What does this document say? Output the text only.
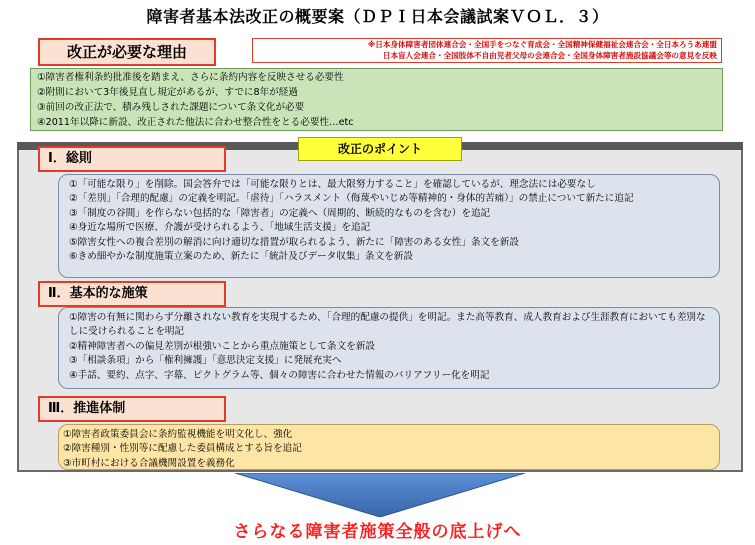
障害者基本法改正の概要案（ＤＰＩ日本会議試案ＶＯＬ．３）
改正が必要な理由	※日本身体障害者団体連合会・全国手をつなぐ育成会・全国精神保健福祉会連合会・全日本ろうあ連盟
日本盲人会連合・全国肢体不自由児者父母の会連合会・全国身体障害者施設協議会等の意見を反映
①障害者権利条約批准後を踏まえ、さらに条約内容を反映させる必要性
②附則において3年後見直し規定があるが、すでに8年が経過
③前回の改正法で、積み残しされた課題について条文化が必要
④2011年以降に新設、改正された他法に合わせ整合性をとる必要性…etc
改正のポイント
Ⅰ．総則
①「可能な限り」を削除。国会答弁では「可能な限りとは、最大限努力すること」を確認しているが、理念法には必要なし
②「差別」「合理的配慮」の定義を明記。「虐待」「ハラスメント（侮蔑やいじめ等精神的・身体的苦痛）」の禁止について新たに追記
③「制度の谷間」を作らない包括的な「障害者」の定義へ（周期的、断続的なものを含む）を追記
④身近な場所で医療、介護が受けられるよう、「地域生活支援」を追記
⑤障害女性への複合差別の解消に向け適切な措置が取られるよう、新たに「障害のある女性」条文を新設
⑥きめ細やかな制度施策立案のため、新たに「統計及びデータ収集」条文を新設
Ⅱ．基本的な施策
①障害の有無に関わらず分離されない教育を実現するため、「合理的配慮の提供」を明記。また高等教育、成人教育および生涯教育においても差別なしに受けられることを明記
②精神障害者への偏見差別が根強いことから重点施策として条文を新設
③「相談条項」から「権利擁護」「意思決定支援」に発展充実へ
④手話、要約、点字、字幕、ピクトグラム等、個々の障害に合わせた情報のバリアフリー化を明記
Ⅲ．推進体制
①障害者政策委員会に条約監視機能を明文化し、強化
②障害種別・性別等に配慮した委員構成とする旨を追記
③市町村における合議機関設置を義務化
さらなる障害者施策全般の底上げへ
